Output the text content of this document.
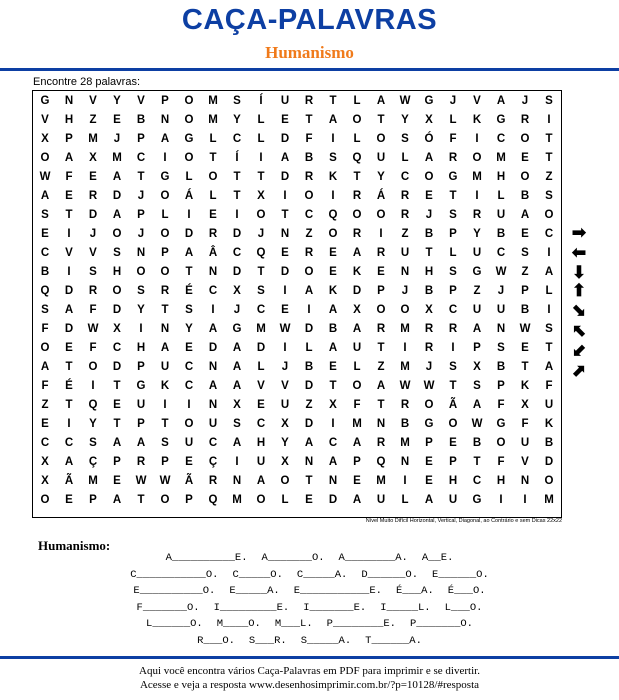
CAÇA-PALAVRAS
Humanismo
Encontre 28 palavras:
G	N	V	Y	V	P	O	M	S	Í	U	R	T	L	A	W	G	J	V	A	J	S
V	H	Z	E	B	N	O	M	Y	L	E	T	A	O	T	Y	X	L	K	G	R	I
X	P	M	J	P	A	G	L	C	L	D	F	I	L	O	S	Ó	F	I	C	O	T
O	A	X	M	C	I	O	T	Í	I	A	B	S	Q	U	L	A	R	O	M	E	T
W	F	E	A	T	G	L	O	T	T	D	R	K	T	Y	C	O	G	M	H	O	Z
A	E	R	D	J	O	Á	L	T	X	I	O	I	R	Á	R	E	T	I	L	B	S
S	T	D	A	P	L	I	E	I	O	T	C	Q	O	O	R	J	S	R	U	A	O
E	I	J	O	J	O	D	R	D	J	N	Z	O	R	I	Z	B	P	Y	B	E	C
C	V	V	S	N	P	A	Â	C	Q	E	R	E	A	R	U	T	L	U	C	S	I
B	I	S	H	O	O	T	N	D	T	D	O	E	K	E	N	H	S	G	W	Z	A
Q	D	R	O	S	R	É	C	X	S	I	A	K	D	P	J	B	P	Z	J	P	L
S	A	F	D	Y	T	S	I	J	C	E	I	A	X	O	O	X	C	U	U	B	I
F	D	W	X	I	N	Y	A	G	M	W	D	B	A	R	M	R	R	A	N	W	S
O	E	F	C	H	A	E	D	A	D	I	L	A	U	T	I	R	I	P	S	E	T
A	T	O	D	P	U	C	N	A	L	J	B	E	L	Z	M	J	S	X	B	T	A
F	É	I	T	G	K	C	A	A	V	V	D	T	O	A	W	W	T	S	P	K	F
Z	T	Q	E	U	I	I	N	X	E	U	Z	X	F	T	R	O	Ã	A	F	X	U
E	I	Y	T	P	T	O	U	S	C	X	D	I	M	N	B	G	O	W	G	F	K
C	C	S	A	A	S	U	C	A	H	Y	A	C	A	R	M	P	E	B	O	U	B
X	A	Ç	P	R	P	E	Ç	I	U	X	N	A	P	Q	N	E	P	T	F	V	D
X	Ã	M	E	W	W	Ã	R	N	A	O	T	N	E	M	I	E	H	C	H	N	O
O	E	P	A	T	O	P	Q	M	O	L	E	D	A	U	L	A	U	G	I	I	M
Nível Muito Difícil Horizontal, Vertical, Diagonal, ao Contrário e sem Dicas 22x22
➡
⬅
⬇
⬆
⬊
⬉
⬋
⬈
Humanismo:
A__________E. A_______O. A________A. A__E.
C___________O. C_____O. C_____A. D______O. E______O.
E__________O. E_____A. E___________E. É___A. É___O.
F_______O. I_________E. I_______E. I_____L. L___O.
L______O. M____O. M___L. P________E. P_______O.
R___O. S___R. S_____A. T______A.
Aqui você encontra vários Caça-Palavras em PDF para imprimir e se divertir.
Acesse e veja a resposta www.desenhosimprimir.com.br/?p=10128/#resposta
